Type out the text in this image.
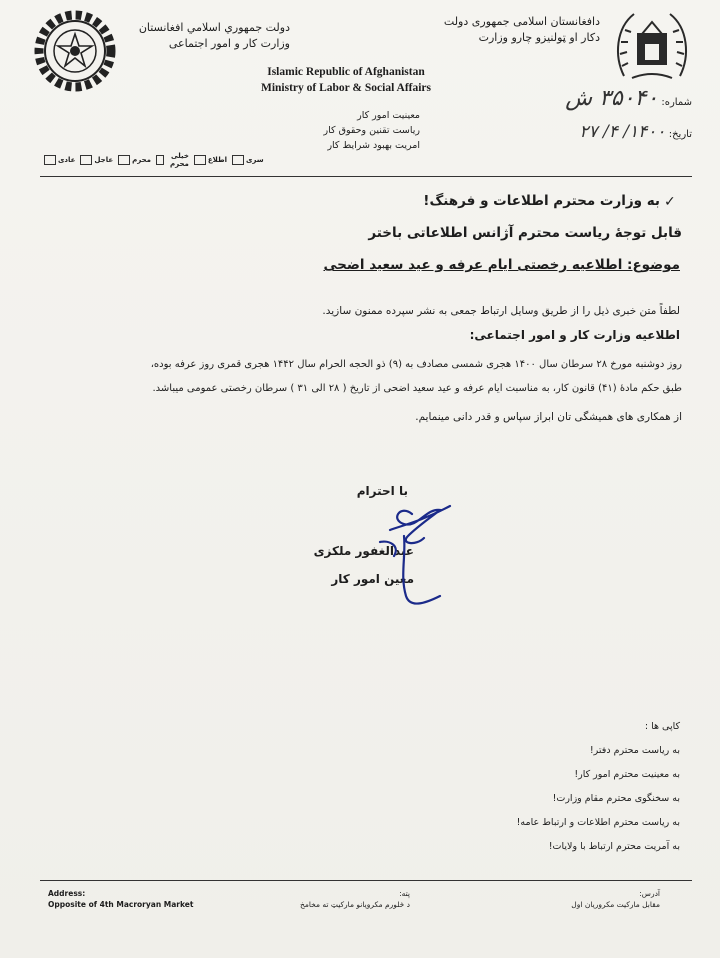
دولت جمهوري اسلامي افغانستان
وزارت کار و امور اجتماعی
دافغانستان اسلامی جمهوری دولت
دکار او ټولنیزو چارو وزارت
Islamic Republic of Afghanistan
Ministry of Labor & Social Affairs
معینیت امور کار
ریاست تقنین وحقوق کار
امریت بهبود شرایط کار
شماره: ۳۵۰۴۰ ش
تاریخ: ۱۴۰۰/ ۴/ ۲۷
عادی	عاجل	محرم	خیلی محرم	اطلاع	سری
✓
به وزارت محترم اطلاعات و فرهنگ!
قابل توجهٔ ریاست محترم آژانس اطلاعاتی باختر
موضوع: اطلاعیه رخصتی ایام عرفه و عید سعید اضحی
لطفاً متن خبری ذیل را از طریق وسایل ارتباط جمعی به نشر سپرده ممنون سازید.
اطلاعیه وزارت کار و امور اجتماعی:
روز دوشنبه مورخ ۲۸ سرطان سال ۱۴۰۰ هجری شمسی مصادف به (۹) ذو الحجه الحرام سال ۱۴۴۲ هجری قمری روز عرفه بوده،
طبق حکم مادهٔ (۴۱) قانون کار، به مناسبت ایام عرفه و عید سعید اضحی از تاریخ ( ۲۸ الی ۳۱ ) سرطان رخصتی عمومی میباشد.
از همکاری های همیشگی تان ابراز سپاس و قدر دانی مینمایم.
با احترام
عبدالغفور ملکزی
معین امور کار
کاپی ها :
به ریاست محترم دفتر!
به معینیت محترم امور کار!
به سخنگوی محترم مقام وزارت!
به ریاست محترم اطلاعات و ارتباط عامه!
به آمریت محترم ارتباط با ولایات!
Address:
Opposite of 4th Macroryan Market
پته:
د څلورم مکرویانو مارکیټ ته مخامخ
آدرس:
مقابل مارکیت مکروریان اول
